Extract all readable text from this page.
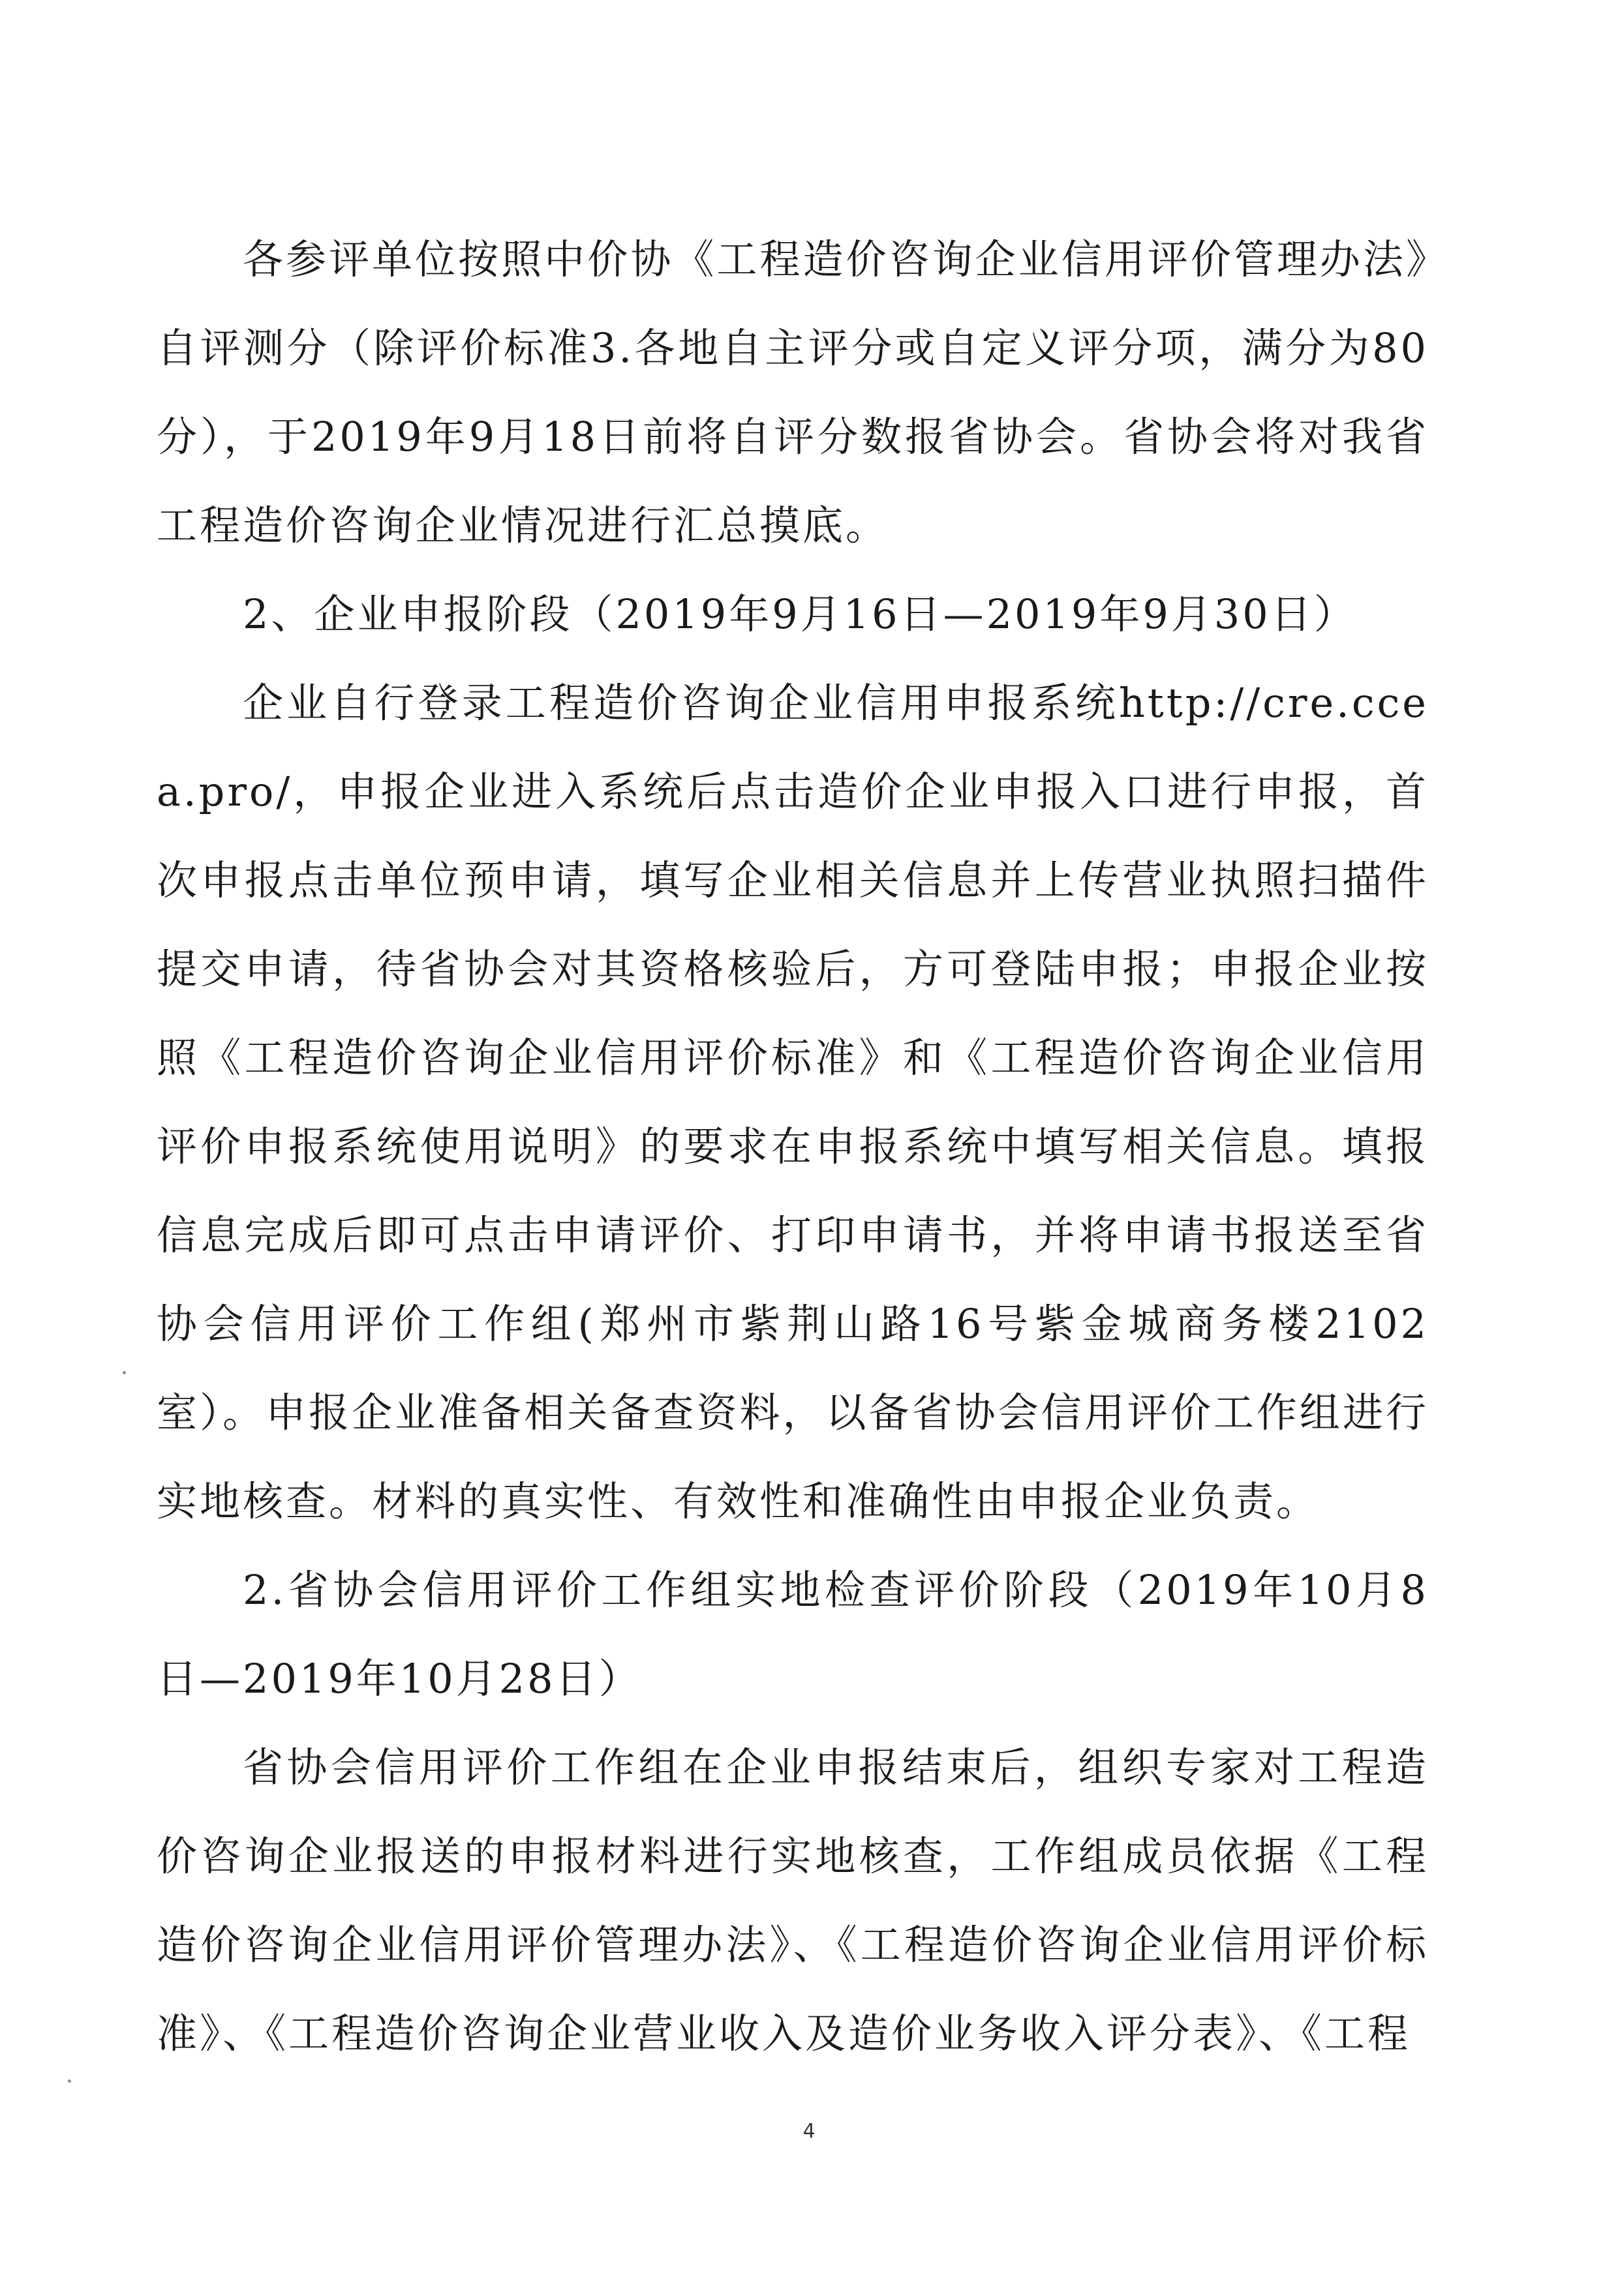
各参评单位按照中价协《工程造价咨询企业信用评价管理办法》自评测分（除评价标准3.各地自主评分或自定义评分项，满分为80分），于2019年9月18日前将自评分数报省协会。省协会将对我省工程造价咨询企业情况进行汇总摸底。

2、企业申报阶段（2019年9月16日—2019年9月30日）

企业自行登录工程造价咨询企业信用申报系统http://cre.ccea.pro/，申报企业进入系统后点击造价企业申报入口进行申报，首次申报点击单位预申请，填写企业相关信息并上传营业执照扫描件提交申请，待省协会对其资格核验后，方可登陆申报；申报企业按照《工程造价咨询企业信用评价标准》和《工程造价咨询企业信用评价申报系统使用说明》的要求在申报系统中填写相关信息。填报信息完成后即可点击申请评价、打印申请书，并将申请书报送至省协会信用评价工作组(郑州市紫荆山路16号紫金城商务楼2102室）。申报企业准备相关备查资料，以备省协会信用评价工作组进行实地核查。材料的真实性、有效性和准确性由申报企业负责。

2.省协会信用评价工作组实地检查评价阶段（2019年10月8日—2019年10月28日）

省协会信用评价工作组在企业申报结束后，组织专家对工程造价咨询企业报送的申报材料进行实地核查，工作组成员依据《工程造价咨询企业信用评价管理办法》、《工程造价咨询企业信用评价标准》、《工程造价咨询企业营业收入及造价业务收入评分表》、《工程

4
